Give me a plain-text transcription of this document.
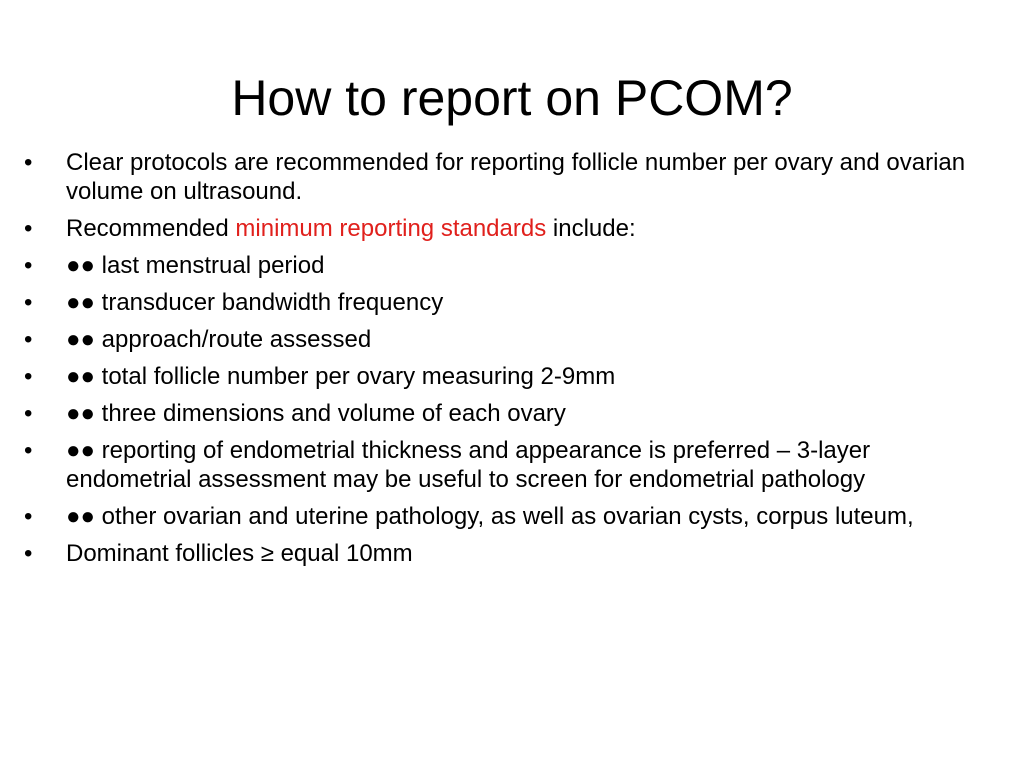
How to report on PCOM?
•	Clear protocols are recommended for reporting follicle number per ovary and ovarian volume on ultrasound.
•	Recommended minimum reporting standards include:
•	●● last menstrual period
•	●● transducer bandwidth frequency
•	●● approach/route assessed
•	●● total follicle number per ovary measuring 2-9mm
•	●● three dimensions and volume of each ovary
•	●● reporting of endometrial thickness and appearance is preferred – 3-layer endometrial assessment may be useful to screen for endometrial pathology
•	●● other ovarian and uterine pathology, as well as ovarian cysts, corpus luteum,
•	Dominant follicles ≥ equal 10mm
